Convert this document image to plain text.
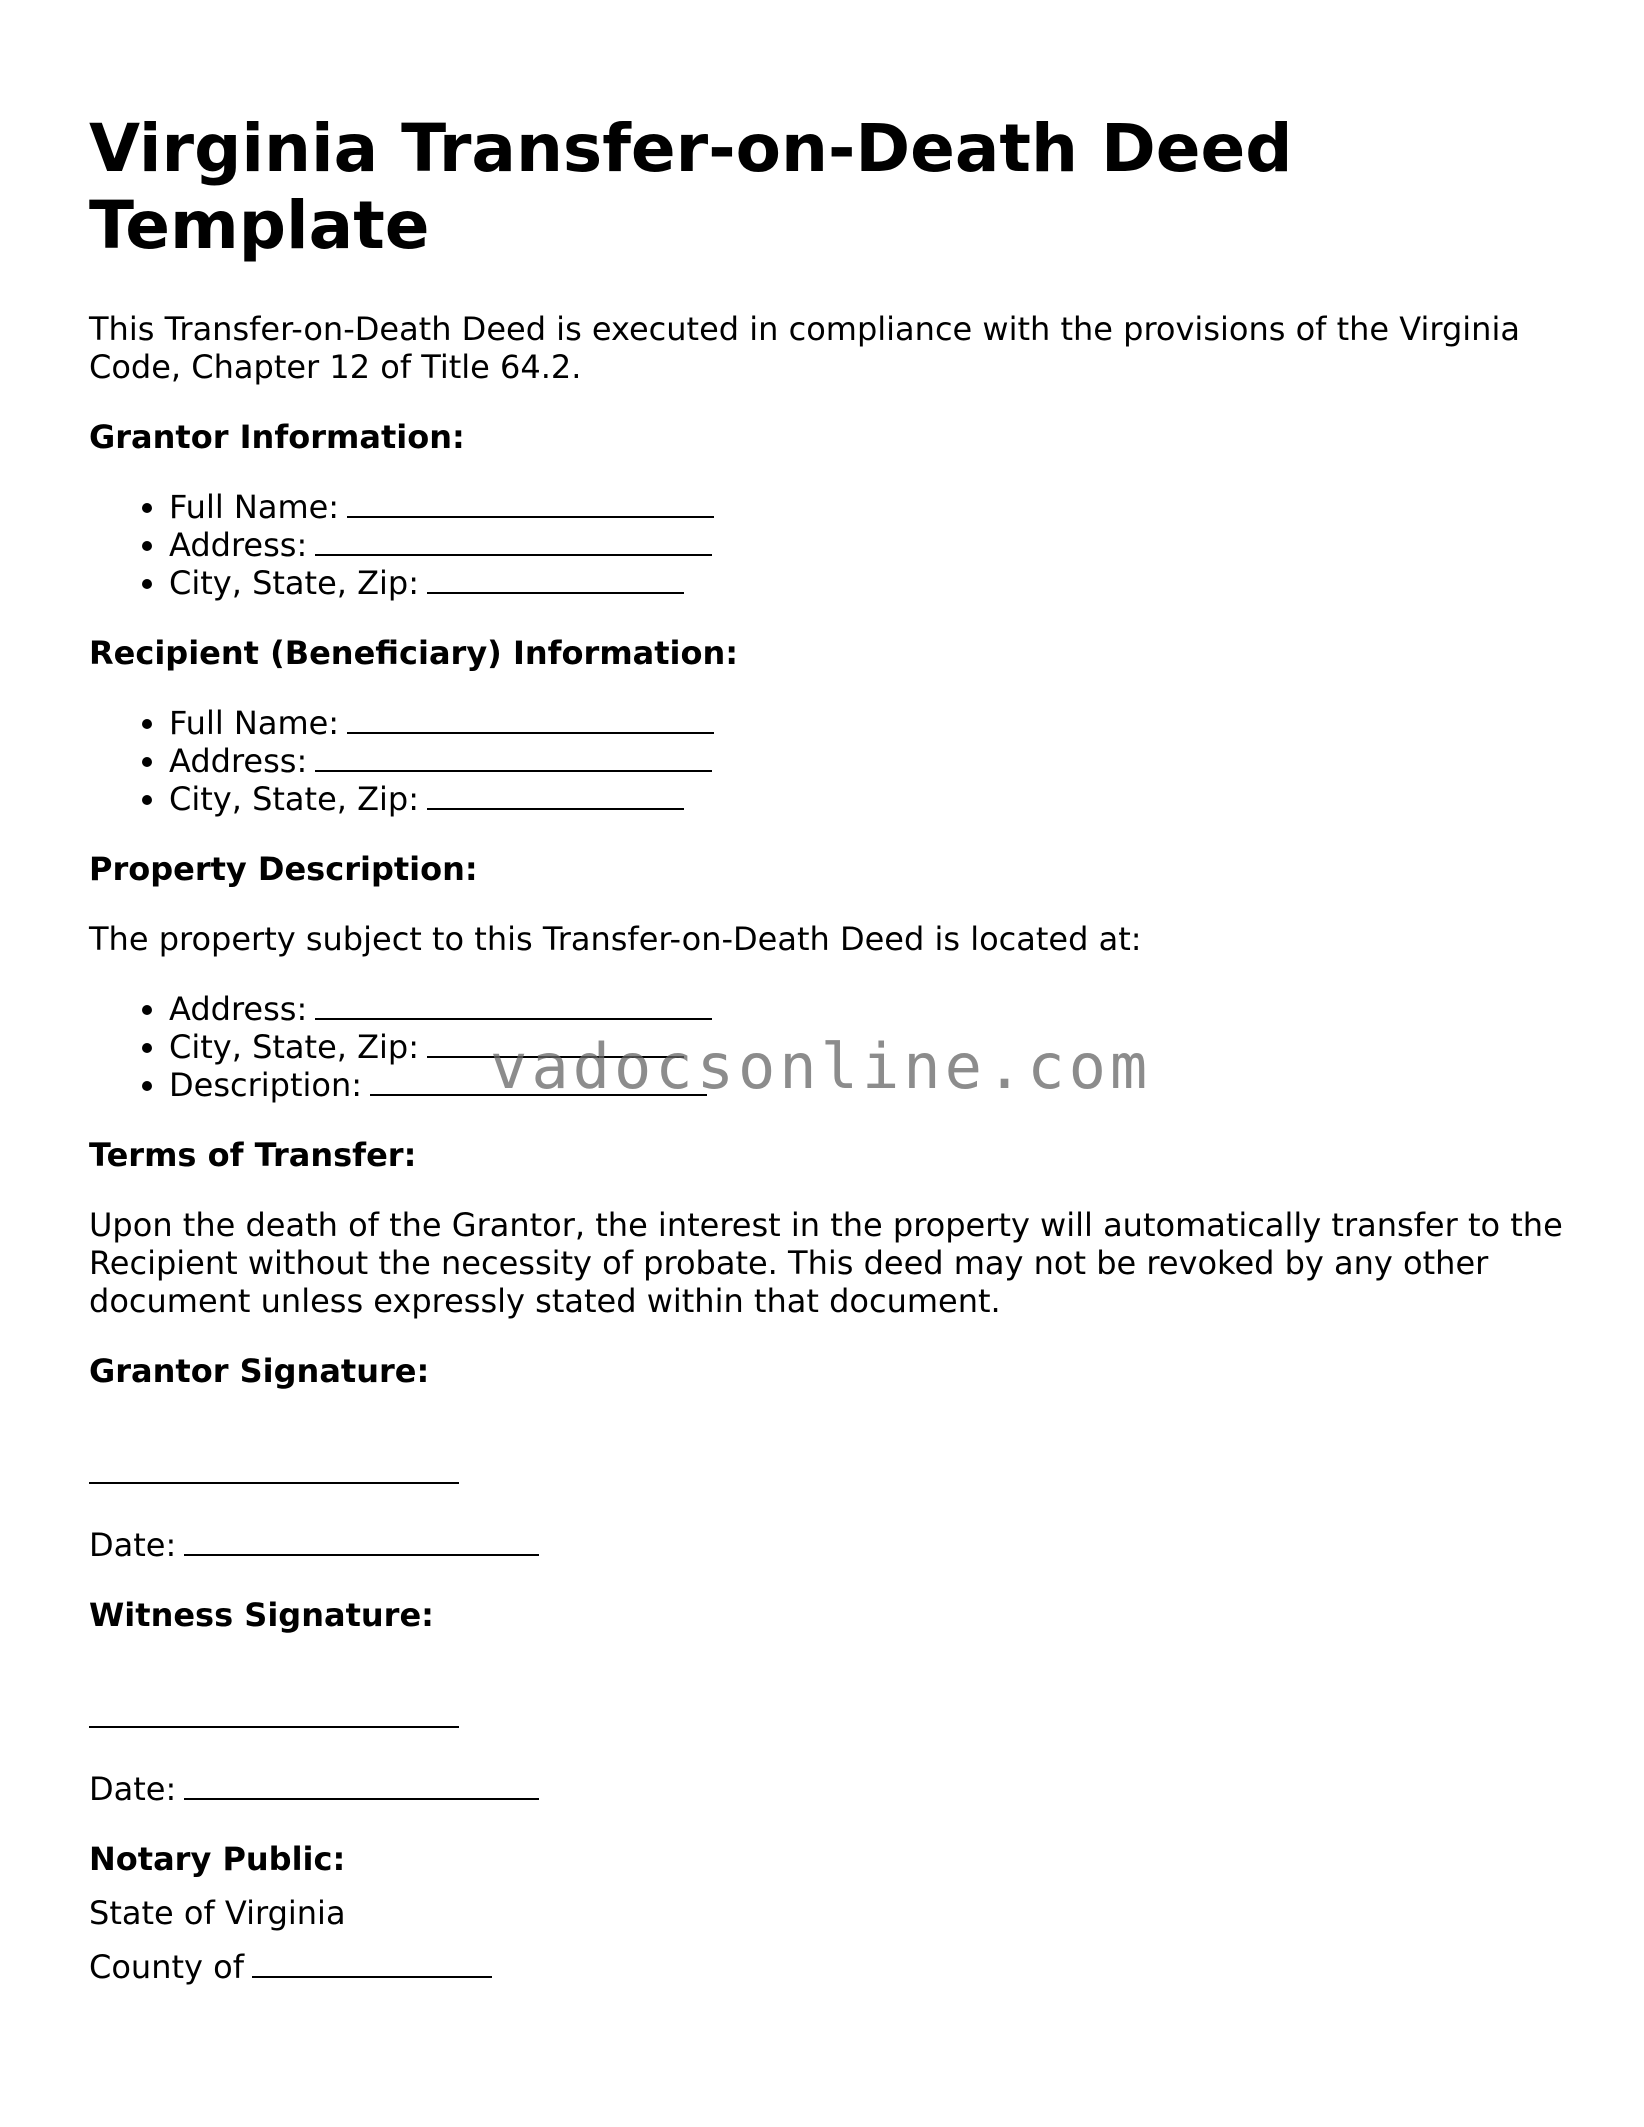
Virginia Transfer-on-Death Deed Template

This Transfer-on-Death Deed is executed in compliance with the provisions of the Virginia Code, Chapter 12 of Title 64.2.

Grantor Information:

• Full Name:
• Address:
• City, State, Zip:

Recipient (Beneficiary) Information:

• Full Name:
• Address:
• City, State, Zip:

Property Description:

The property subject to this Transfer-on-Death Deed is located at:

• Address:
• City, State, Zip:
• Description:

Terms of Transfer:

Upon the death of the Grantor, the interest in the property will automatically transfer to the Recipient without the necessity of probate. This deed may not be revoked by any other document unless expressly stated within that document.

Grantor Signature:

Date:

Witness Signature:

Date:

Notary Public:

State of Virginia

County of

vadocsonline.com
